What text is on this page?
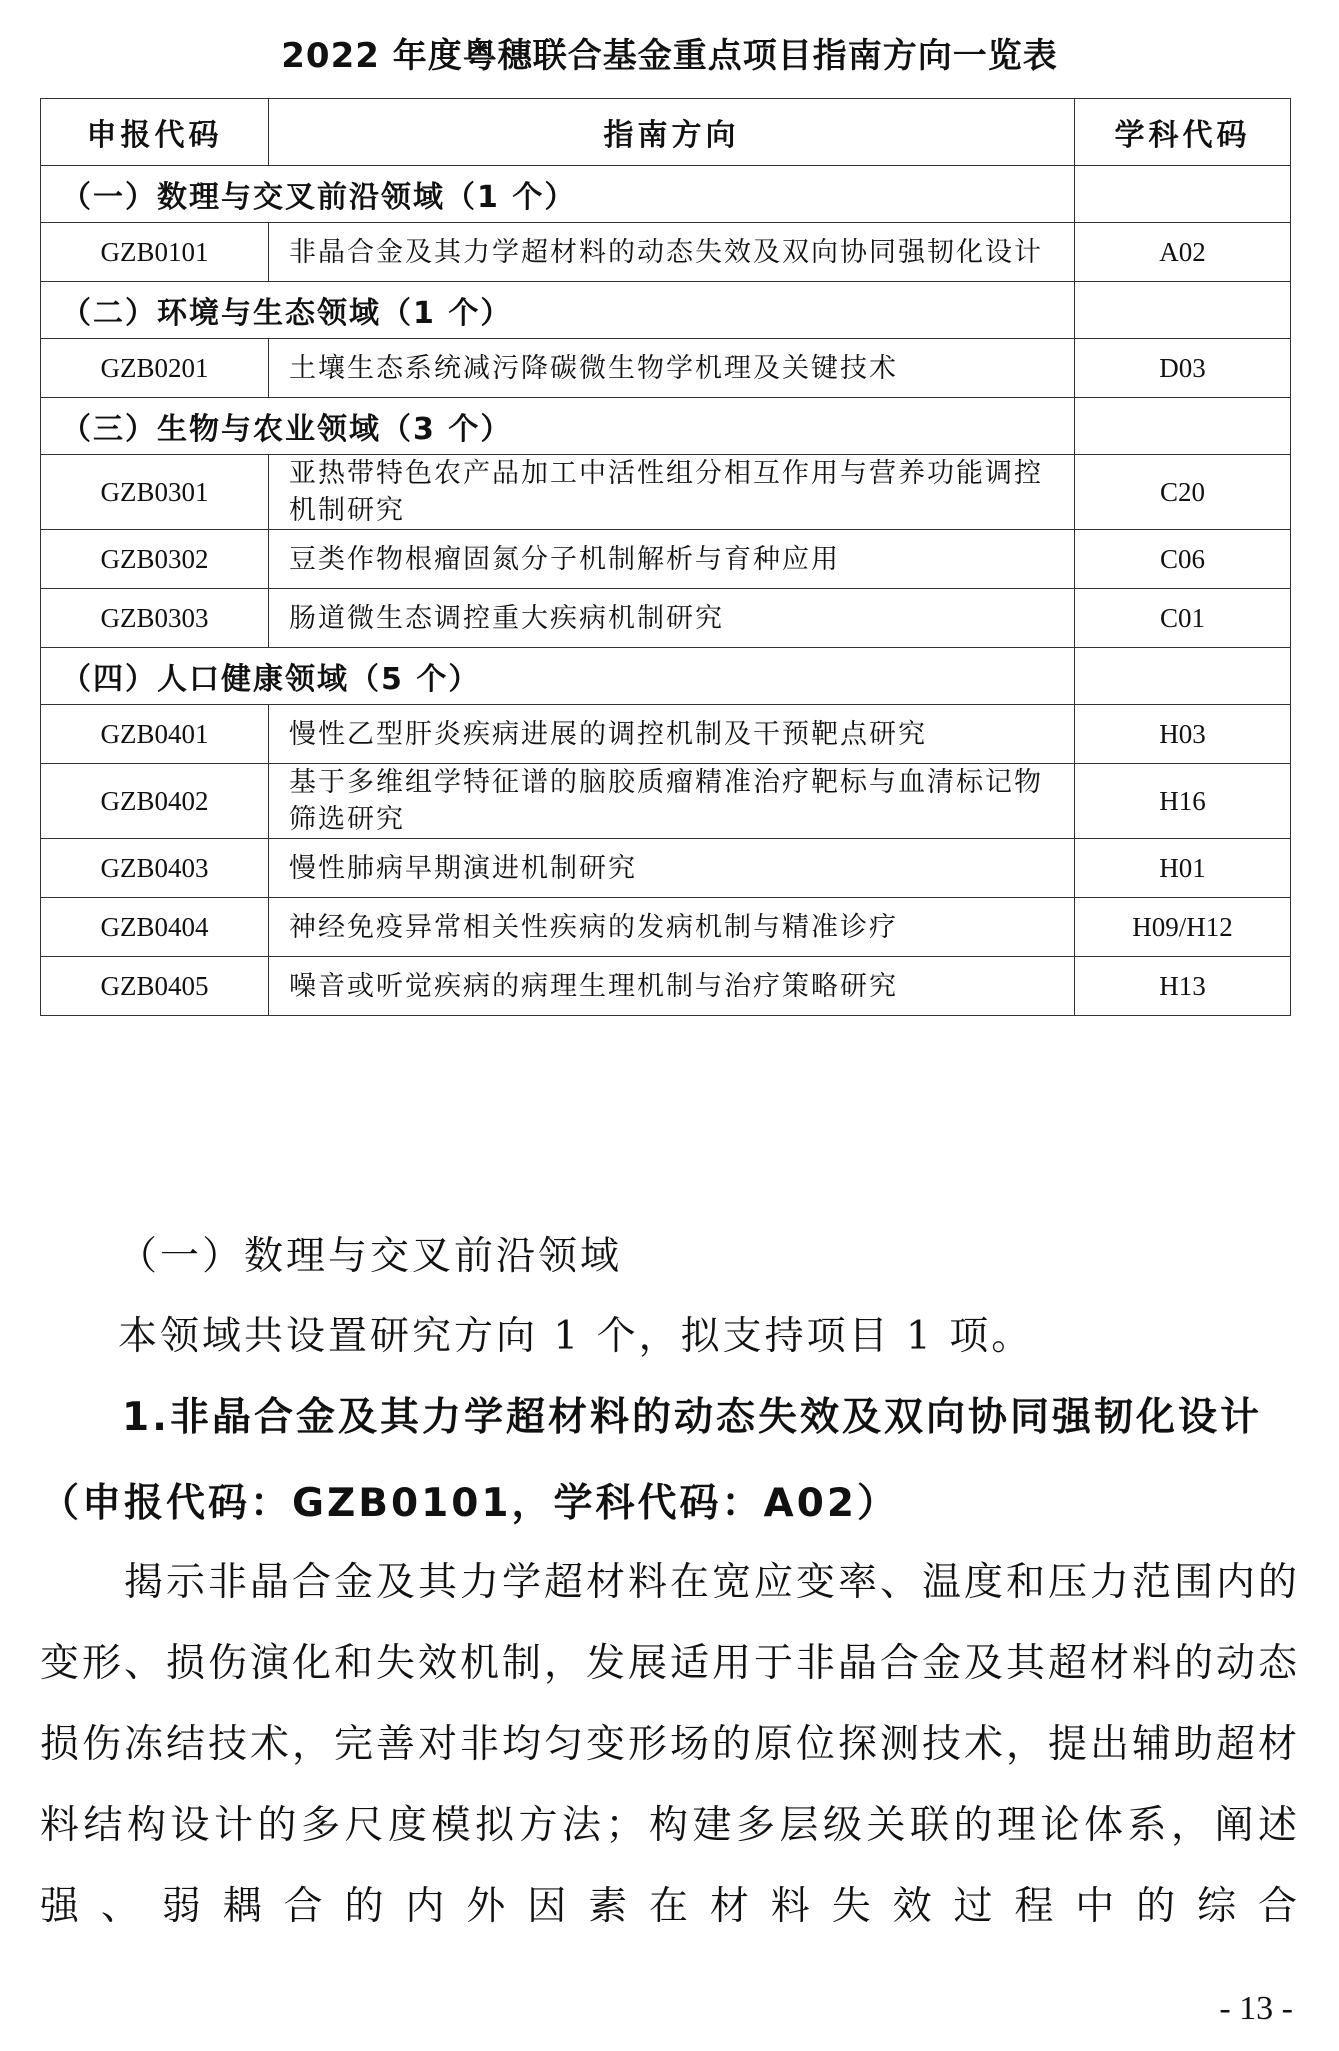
2022 年度粤穗联合基金重点项目指南方向一览表
申报代码	指南方向	学科代码
（一）数理与交叉前沿领域（1 个）		
GZB0101	非晶合金及其力学超材料的动态失效及双向协同强韧化设计	A02
（二）环境与生态领域（1 个）		
GZB0201	土壤生态系统减污降碳微生物学机理及关键技术	D03
（三）生物与农业领域（3 个）		
GZB0301	亚热带特色农产品加工中活性组分相互作用与营养功能调控机制研究	C20
GZB0302	豆类作物根瘤固氮分子机制解析与育种应用	C06
GZB0303	肠道微生态调控重大疾病机制研究	C01
（四）人口健康领域（5 个）		
GZB0401	慢性乙型肝炎疾病进展的调控机制及干预靶点研究	H03
GZB0402	基于多维组学特征谱的脑胶质瘤精准治疗靶标与血清标记物筛选研究	H16
GZB0403	慢性肺病早期演进机制研究	H01
GZB0404	神经免疫异常相关性疾病的发病机制与精准诊疗	H09/H12
GZB0405	噪音或听觉疾病的病理生理机制与治疗策略研究	H13
（一）数理与交叉前沿领域
本领域共设置研究方向 1 个，拟支持项目 1 项。
1.非晶合金及其力学超材料的动态失效及双向协同强韧化设计（申报代码：GZB0101，学科代码：A02）
揭示非晶合金及其力学超材料在宽应变率、温度和压力范围内的变形、损伤演化和失效机制，发展适用于非晶合金及其超材料的动态损伤冻结技术，完善对非均匀变形场的原位探测技术，提出辅助超材料结构设计的多尺度模拟方法；构建多层级关联的理论体系，阐述强、弱耦合的内外因素在材料失效过程中的综合
- 13 -
